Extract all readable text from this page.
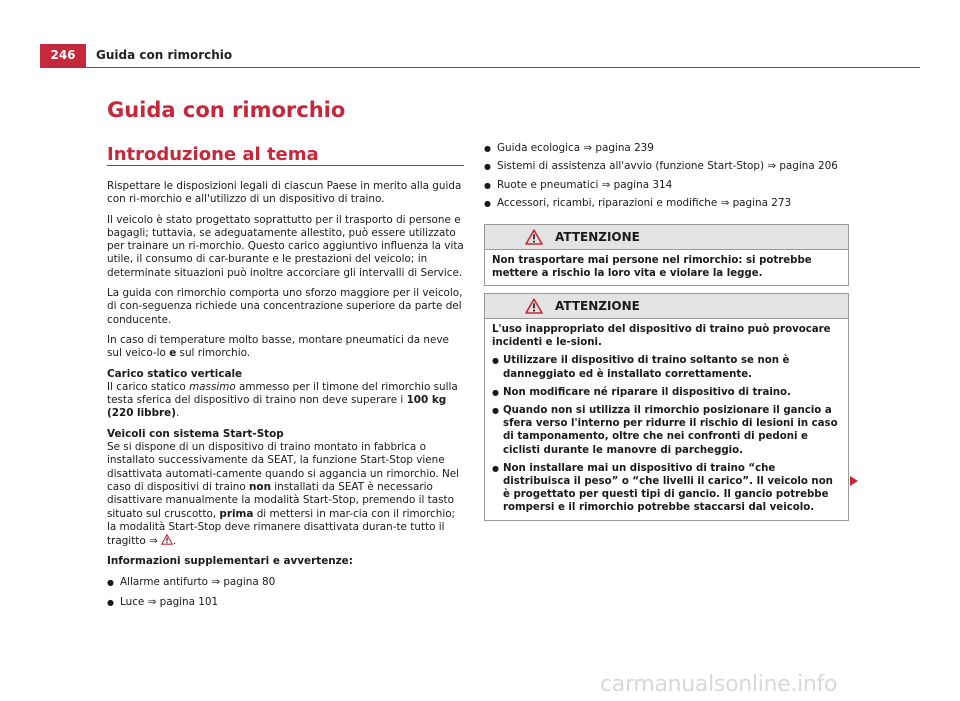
246	Guida con rimorchio
Guida con rimorchio
Introduzione al tema

Rispettare le disposizioni legali di ciascun Paese in merito alla guida con ri-morchio e all'utilizzo di un dispositivo di traino.

Il veicolo è stato progettato soprattutto per il trasporto di persone e bagagli; tuttavia, se adeguatamente allestito, può essere utilizzato per trainare un ri-morchio. Questo carico aggiuntivo influenza la vita utile, il consumo di car-burante e le prestazioni del veicolo; in determinate situazioni può inoltre accorciare gli intervalli di Service.

La guida con rimorchio comporta uno sforzo maggiore per il veicolo, di con-seguenza richiede una concentrazione superiore da parte del conducente.

In caso di temperature molto basse, montare pneumatici da neve sul veico-lo e sul rimorchio.

Carico statico verticale

Il carico statico massimo ammesso per il timone del rimorchio sulla testa sferica del dispositivo di traino non deve superare i 100 kg (220 libbre).

Veicoli con sistema Start-Stop

Se si dispone di un dispositivo di traino montato in fabbrica o installato successivamente da SEAT, la funzione Start-Stop viene disattivata automati-camente quando si aggancia un rimorchio. Nel caso di dispositivi di traino non installati da SEAT è necessario disattivare manualmente la modalità Start-Stop, premendo il tasto situato sul cruscotto, prima di mettersi in mar-cia con il rimorchio; la modalità Start-Stop deve rimanere disattivata duran-te tutto il tragitto ⇒ .

Informazioni supplementari e avvertenze:

● Allarme antifurto ⇒ pagina 80
● Luce ⇒ pagina 101
● Guida ecologica ⇒ pagina 239
● Sistemi di assistenza all'avvio (funzione Start-Stop) ⇒ pagina 206
● Ruote e pneumatici ⇒ pagina 314
● Accessori, ricambi, riparazioni e modifiche ⇒ pagina 273
ATTENZIONE

Non trasportare mai persone nel rimorchio: si potrebbe mettere a rischio la loro vita e violare la legge.

ATTENZIONE

L'uso inappropriato del dispositivo di traino può provocare incidenti e le-sioni.

● Utilizzare il dispositivo di traino soltanto se non è danneggiato ed è installato correttamente.
● Non modificare né riparare il dispositivo di traino.
● Quando non si utilizza il rimorchio posizionare il gancio a sfera verso l'interno per ridurre il rischio di lesioni in caso di tamponamento, oltre che nei confronti di pedoni e ciclisti durante le manovre di parcheggio.
● Non installare mai un dispositivo di traino “che distribuisca il peso” o “che livelli il carico”. Il veicolo non è progettato per questi tipi di gancio. Il gancio potrebbe rompersi e il rimorchio potrebbe staccarsi dal veicolo.
carmanualsonline.info
